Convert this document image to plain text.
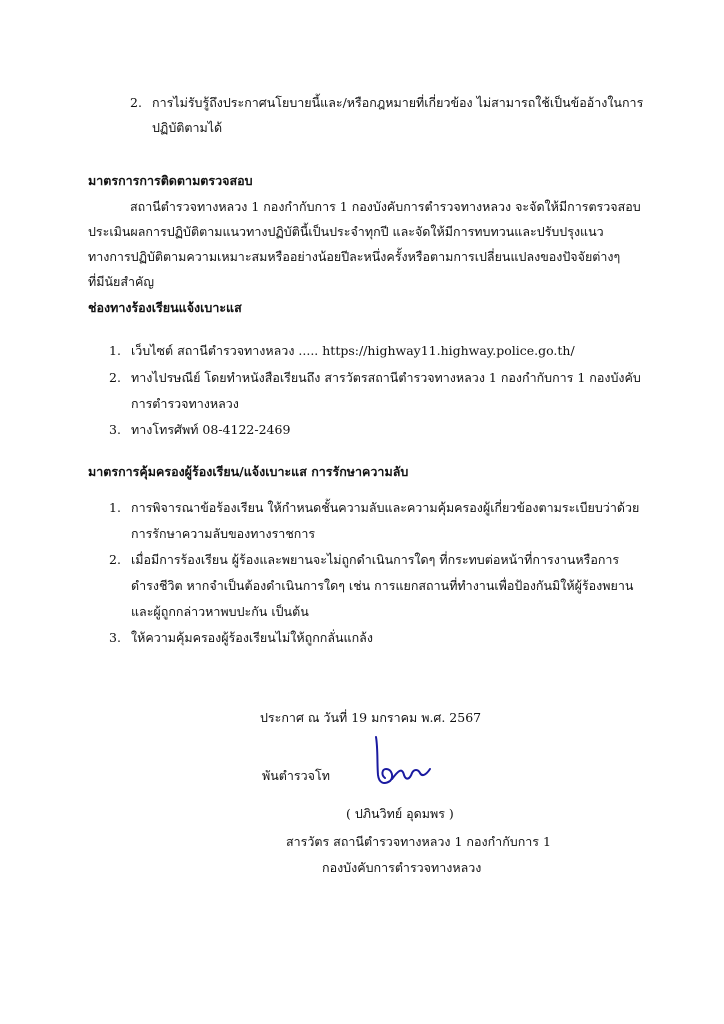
2. การไม่รับรู้ถึงประกาศนโยบายนี้และ/หรือกฎหมายที่เกี่ยวข้อง ไม่สามารถใช้เป็นข้ออ้างในการ
ปฏิบัติตามได้
มาตรการการติดตามตรวจสอบ
สถานีตำรวจทางหลวง 1 กองกำกับการ 1 กองบังคับการตำรวจทางหลวง จะจัดให้มีการตรวจสอบ
ประเมินผลการปฏิบัติตามแนวทางปฏิบัตินี้เป็นประจำทุกปี และจัดให้มีการทบทวนและปรับปรุงแนว
ทางการปฏิบัติตามความเหมาะสมหรืออย่างน้อยปีละหนึ่งครั้งหรือตามการเปลี่ยนแปลงของปัจจัยต่างๆ
ที่มีนัยสำคัญ
ช่องทางร้องเรียนแจ้งเบาะแส
1. เว็บไซต์ สถานีตำรวจทางหลวง ..... https://highway11.highway.police.go.th/
2. ทางไปรษณีย์ โดยทำหนังสือเรียนถึง สารวัตรสถานีตำรวจทางหลวง 1 กองกำกับการ 1 กองบังคับ
การตำรวจทางหลวง
3. ทางโทรศัพท์ 08-4122-2469
มาตรการคุ้มครองผู้ร้องเรียน/แจ้งเบาะแส การรักษาความลับ
1. การพิจารณาข้อร้องเรียน ให้กำหนดชั้นความลับและความคุ้มครองผู้เกี่ยวข้องตามระเบียบว่าด้วย
การรักษาความลับของทางราชการ
2. เมื่อมีการร้องเรียน ผู้ร้องและพยานจะไม่ถูกดำเนินการใดๆ ที่กระทบต่อหน้าที่การงานหรือการ
ดำรงชีวิต หากจำเป็นต้องดำเนินการใดๆ เช่น การแยกสถานที่ทำงานเพื่อป้องกันมิให้ผู้ร้องพยาน
และผู้ถูกกล่าวหาพบปะกัน เป็นต้น
3. ให้ความคุ้มครองผู้ร้องเรียนไม่ให้ถูกกลั่นแกล้ง
ประกาศ ณ วันที่ 19 มกราคม พ.ศ. 2567
พันตำรวจโท
( ปภินวิทย์ อุดมพร )
สารวัตร สถานีตำรวจทางหลวง 1 กองกำกับการ 1
กองบังคับการตำรวจทางหลวง
